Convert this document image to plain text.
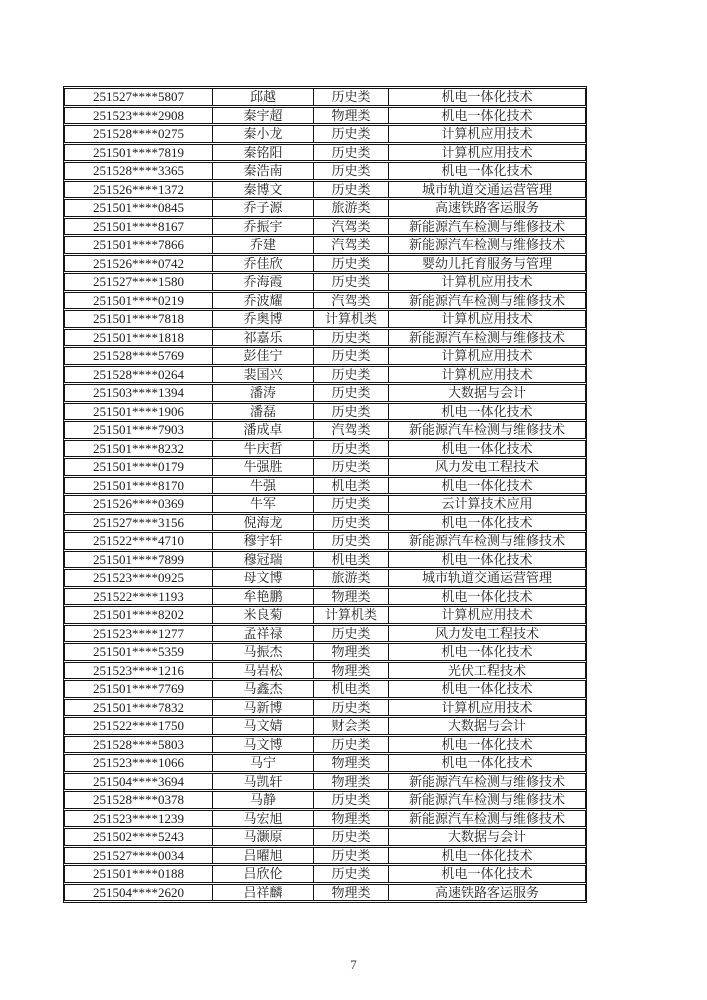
251527****5807	邱越	历史类	机电一体化技术
251523****2908	秦宇超	物理类	机电一体化技术
251528****0275	秦小龙	历史类	计算机应用技术
251501****7819	秦铭阳	历史类	计算机应用技术
251528****3365	秦浩南	历史类	机电一体化技术
251526****1372	秦博文	历史类	城市轨道交通运营管理
251501****0845	乔子源	旅游类	高速铁路客运服务
251501****8167	乔振宇	汽驾类	新能源汽车检测与维修技术
251501****7866	乔建	汽驾类	新能源汽车检测与维修技术
251526****0742	乔佳欣	历史类	婴幼儿托育服务与管理
251527****1580	乔海霞	历史类	计算机应用技术
251501****0219	乔波耀	汽驾类	新能源汽车检测与维修技术
251501****7818	乔奥博	计算机类	计算机应用技术
251501****1818	祁嘉乐	历史类	新能源汽车检测与维修技术
251528****5769	彭佳宁	历史类	计算机应用技术
251528****0264	裴国兴	历史类	计算机应用技术
251503****1394	潘涛	历史类	大数据与会计
251501****1906	潘磊	历史类	机电一体化技术
251501****7903	潘成卓	汽驾类	新能源汽车检测与维修技术
251501****8232	牛庆哲	历史类	机电一体化技术
251501****0179	牛强胜	历史类	风力发电工程技术
251501****8170	牛强	机电类	机电一体化技术
251526****0369	牛军	历史类	云计算技术应用
251527****3156	倪海龙	历史类	机电一体化技术
251522****4710	穆宇轩	历史类	新能源汽车检测与维修技术
251501****7899	穆冠瑞	机电类	机电一体化技术
251523****0925	母文博	旅游类	城市轨道交通运营管理
251522****1193	牟艳鹏	物理类	机电一体化技术
251501****8202	米良菊	计算机类	计算机应用技术
251523****1277	孟祥禄	历史类	风力发电工程技术
251501****5359	马振杰	物理类	机电一体化技术
251523****1216	马岩松	物理类	光伏工程技术
251501****7769	马鑫杰	机电类	机电一体化技术
251501****7832	马新博	历史类	计算机应用技术
251522****1750	马文婧	财会类	大数据与会计
251528****5803	马文博	历史类	机电一体化技术
251523****1066	马宁	物理类	机电一体化技术
251504****3694	马凯轩	物理类	新能源汽车检测与维修技术
251528****0378	马静	历史类	新能源汽车检测与维修技术
251523****1239	马宏旭	物理类	新能源汽车检测与维修技术
251502****5243	马灏原	历史类	大数据与会计
251527****0034	吕曜旭	历史类	机电一体化技术
251501****0188	吕欣伦	历史类	机电一体化技术
251504****2620	吕祥麟	物理类	高速铁路客运服务
7
